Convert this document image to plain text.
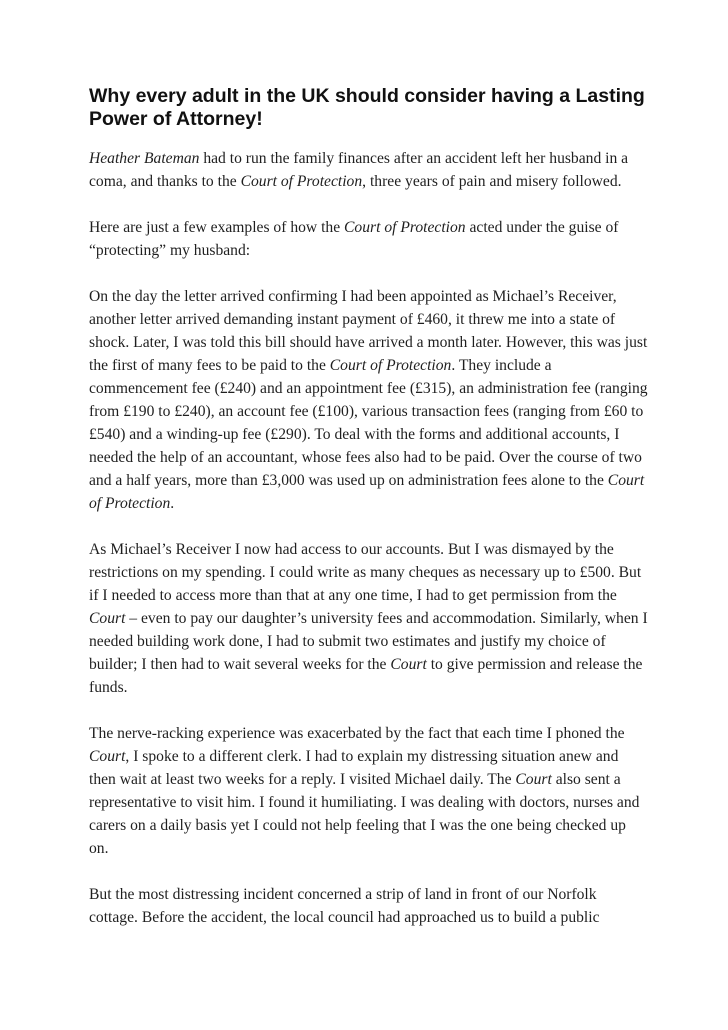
Why every adult in the UK should consider having a Lasting Power of Attorney!

Heather Bateman had to run the family finances after an accident left her husband in a coma, and thanks to the Court of Protection, three years of pain and misery followed.

Here are just a few examples of how the Court of Protection acted under the guise of “protecting” my husband:

On the day the letter arrived confirming I had been appointed as Michael’s Receiver, another letter arrived demanding instant payment of £460, it threw me into a state of shock. Later, I was told this bill should have arrived a month later. However, this was just the first of many fees to be paid to the Court of Protection. They include a commencement fee (£240) and an appointment fee (£315), an administration fee (ranging from £190 to £240), an account fee (£100), various transaction fees (ranging from £60 to £540) and a winding-up fee (£290). To deal with the forms and additional accounts, I needed the help of an accountant, whose fees also had to be paid. Over the course of two and a half years, more than £3,000 was used up on administration fees alone to the Court of Protection.

As Michael’s Receiver I now had access to our accounts. But I was dismayed by the restrictions on my spending. I could write as many cheques as necessary up to £500. But if I needed to access more than that at any one time, I had to get permission from the Court – even to pay our daughter’s university fees and accommodation. Similarly, when I needed building work done, I had to submit two estimates and justify my choice of builder; I then had to wait several weeks for the Court to give permission and release the funds.

The nerve-racking experience was exacerbated by the fact that each time I phoned the Court, I spoke to a different clerk. I had to explain my distressing situation anew and then wait at least two weeks for a reply. I visited Michael daily. The Court also sent a representative to visit him. I found it humiliating. I was dealing with doctors, nurses and carers on a daily basis yet I could not help feeling that I was the one being checked up on.

But the most distressing incident concerned a strip of land in front of our Norfolk cottage. Before the accident, the local council had approached us to build a public
